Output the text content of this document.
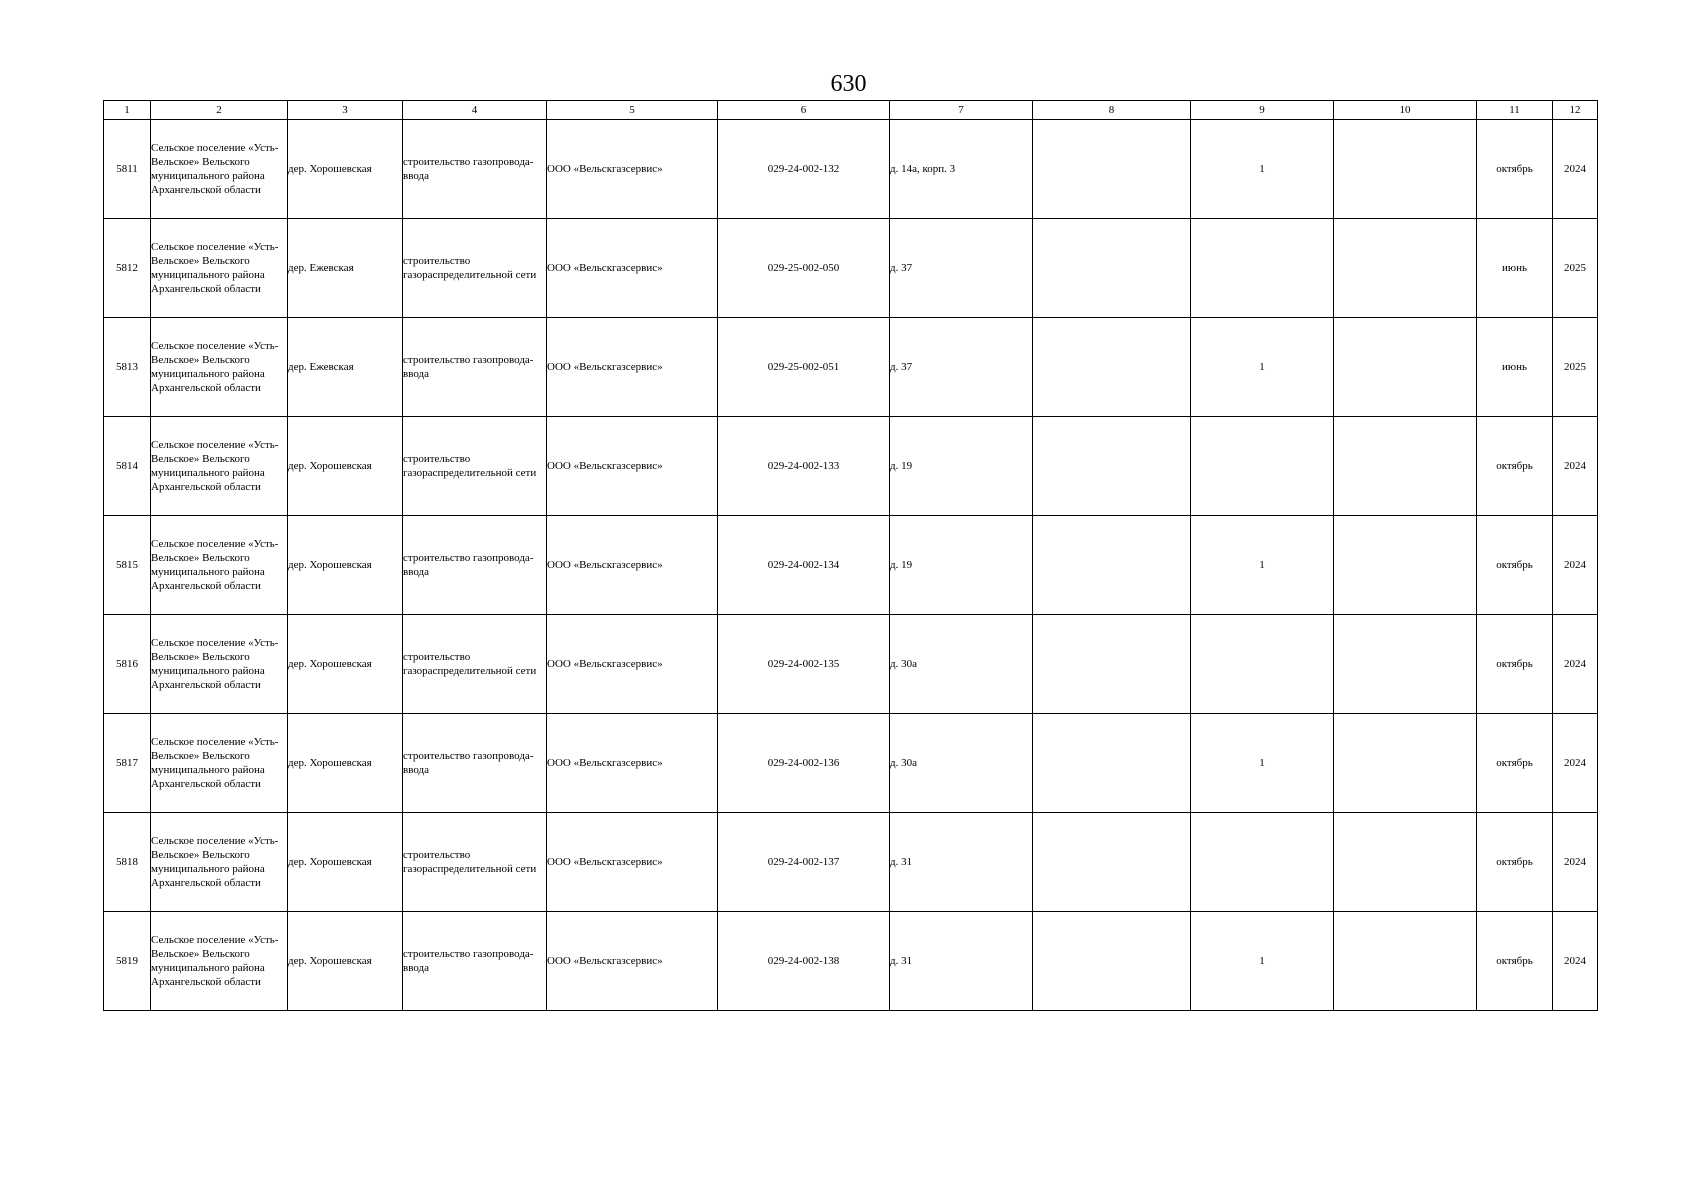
630
1	2	3	4	5	6	7	8	9	10	11	12
5811	Сельское поселение «Усть-Вельское» Вельского муниципального района Архангельской области	дер. Хорошевская	строительство газопровода-ввода	ООО «Вельскгазсервис»	029-24-002-132	д. 14а, корп. 3		1		октябрь	2024
5812	Сельское поселение «Усть-Вельское» Вельского муниципального района Архангельской области	дер. Ежевская	строительство газораспределительной сети	ООО «Вельскгазсервис»	029-25-002-050	д. 37				июнь	2025
5813	Сельское поселение «Усть-Вельское» Вельского муниципального района Архангельской области	дер. Ежевская	строительство газопровода-ввода	ООО «Вельскгазсервис»	029-25-002-051	д. 37		1		июнь	2025
5814	Сельское поселение «Усть-Вельское» Вельского муниципального района Архангельской области	дер. Хорошевская	строительство газораспределительной сети	ООО «Вельскгазсервис»	029-24-002-133	д. 19				октябрь	2024
5815	Сельское поселение «Усть-Вельское» Вельского муниципального района Архангельской области	дер. Хорошевская	строительство газопровода-ввода	ООО «Вельскгазсервис»	029-24-002-134	д. 19		1		октябрь	2024
5816	Сельское поселение «Усть-Вельское» Вельского муниципального района Архангельской области	дер. Хорошевская	строительство газораспределительной сети	ООО «Вельскгазсервис»	029-24-002-135	д. 30а				октябрь	2024
5817	Сельское поселение «Усть-Вельское» Вельского муниципального района Архангельской области	дер. Хорошевская	строительство газопровода-ввода	ООО «Вельскгазсервис»	029-24-002-136	д. 30а		1		октябрь	2024
5818	Сельское поселение «Усть-Вельское» Вельского муниципального района Архангельской области	дер. Хорошевская	строительство газораспределительной сети	ООО «Вельскгазсервис»	029-24-002-137	д. 31				октябрь	2024
5819	Сельское поселение «Усть-Вельское» Вельского муниципального района Архангельской области	дер. Хорошевская	строительство газопровода-ввода	ООО «Вельскгазсервис»	029-24-002-138	д. 31		1		октябрь	2024
